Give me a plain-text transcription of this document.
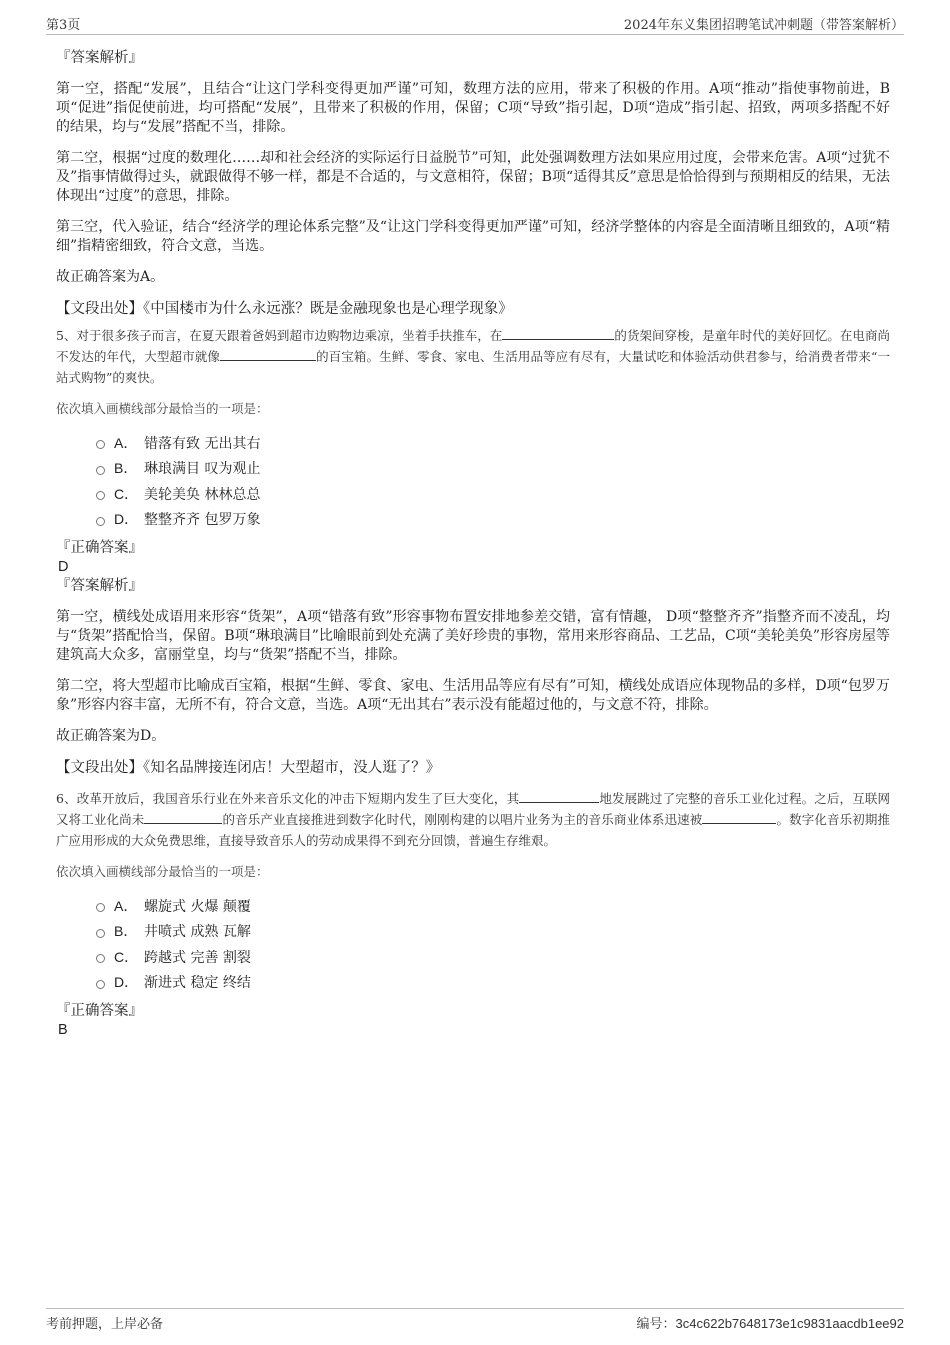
第3页	2024年东义集团招聘笔试冲刺题（带答案解析）

『答案解析』

第一空，搭配“发展”，且结合“让这门学科变得更加严谨”可知，数理方法的应用，带来了积极的作用。A项“推动”指使事物前进，B项“促进”指促使前进，均可搭配“发展”，且带来了积极的作用，保留；C项“导致”指引起，D项“造成”指引起、招致，两项多搭配不好的结果，均与“发展”搭配不当，排除。

第二空，根据“过度的数理化……却和社会经济的实际运行日益脱节”可知，此处强调数理方法如果应用过度，会带来危害。A项“过犹不及”指事情做得过头，就跟做得不够一样，都是不合适的，与文意相符，保留；B项“适得其反”意思是恰恰得到与预期相反的结果，无法体现出“过度”的意思，排除。

第三空，代入验证，结合“经济学的理论体系完整”及“让这门学科变得更加严谨”可知，经济学整体的内容是全面清晰且细致的，A项“精细”指精密细致，符合文意，当选。

故正确答案为A。

【文段出处】《中国楼市为什么永远涨？既是金融现象也是心理学现象》

5、对于很多孩子而言，在夏天跟着爸妈到超市边购物边乘凉，坐着手扶推车，在	的货架间穿梭，是童年时代的美好回忆。在电商尚不发达的年代，大型超市就像	的百宝箱。生鲜、零食、家电、生活用品等应有尽有，大量试吃和体验活动供君参与，给消费者带来“一站式购物”的爽快。

依次填入画横线部分最恰当的一项是：

A． 错落有致 无出其右
B． 琳琅满目 叹为观止
C． 美轮美奂 林林总总
D． 整整齐齐 包罗万象

『正确答案』

D

『答案解析』

第一空，横线处成语用来形容“货架”，A项“错落有致”形容事物布置安排地参差交错，富有情趣， D项“整整齐齐”指整齐而不凌乱，均与“货架”搭配恰当，保留。B项“琳琅满目”比喻眼前到处充满了美好珍贵的事物，常用来形容商品、工艺品，C项“美轮美奂”形容房屋等建筑高大众多，富丽堂皇，均与“货架”搭配不当，排除。

第二空，将大型超市比喻成百宝箱，根据“生鲜、零食、家电、生活用品等应有尽有”可知，横线处成语应体现物品的多样，D项“包罗万象”形容内容丰富，无所不有，符合文意，当选。A项“无出其右”表示没有能超过他的，与文意不符，排除。

故正确答案为D。

【文段出处】《知名品牌接连闭店！大型超市，没人逛了？》

6、改革开放后，我国音乐行业在外来音乐文化的冲击下短期内发生了巨大变化，其	地发展跳过了完整的音乐工业化过程。之后，互联网又将工业化尚未	的音乐产业直接推进到数字化时代，刚刚构建的以唱片业务为主的音乐商业体系迅速被	。数字化音乐初期推广应用形成的大众免费思维，直接导致音乐人的劳动成果得不到充分回馈，普遍生存维艰。

依次填入画横线部分最恰当的一项是：

A． 螺旋式 火爆 颠覆
B． 井喷式 成熟 瓦解
C． 跨越式 完善 割裂
D． 渐进式 稳定 终结

『正确答案』

B

考前押题，上岸必备	编号：3c4c622b7648173e1c9831aacdb1ee92
